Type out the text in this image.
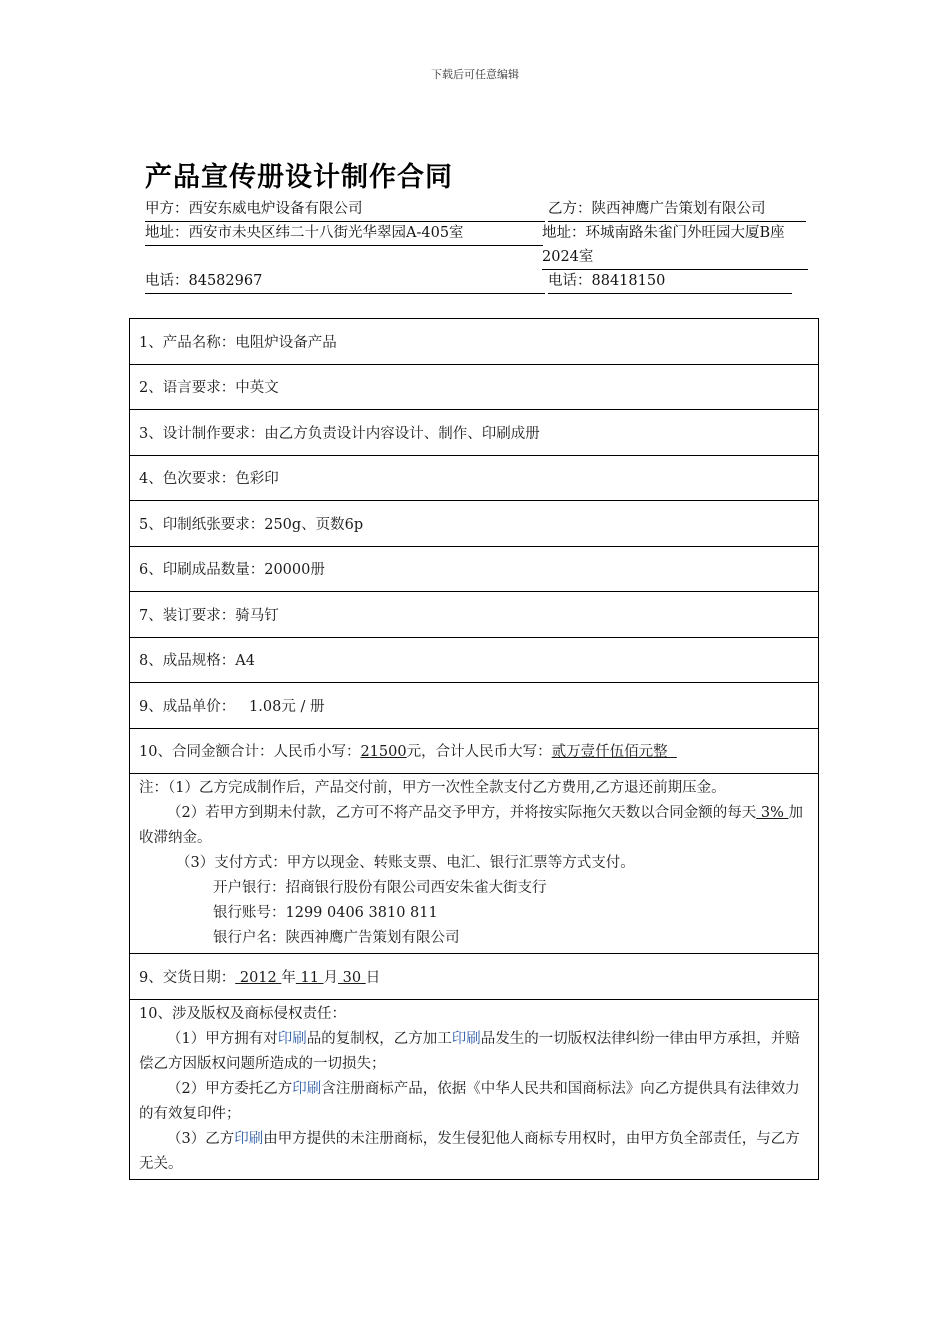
下载后可任意编辑
产品宣传册设计制作合同
甲方：西安东威电炉设备有限公司	乙方：陕西神鹰广告策划有限公司
地址：西安市未央区纬二十八街光华翠园A-405室	地址：环城南路朱雀门外旺园大厦B座2024室
电话：84582967	电话：88418150
1、产品名称：电阻炉设备产品
2、语言要求：中英文
3、设计制作要求：由乙方负责设计内容设计、制作、印刷成册
4、色次要求：色彩印
5、印制纸张要求：250g、页数6p
6、印刷成品数量：20000册
7、装订要求：骑马钉
8、成品规格：A4
9、成品单价：   1.08元 / 册
10、合同金额合计：人民币小写：21500元，合计人民币大写：贰万壹仟伍佰元整

注：（1）乙方完成制作后，产品交付前，甲方一次性全款支付乙方费用,乙方退还前期压金。
（2）若甲方到期未付款，乙方可不将产品交予甲方，并将按实际拖欠天数以合同金额的每天 3% 加收滞纳金。
（3）支付方式：甲方以现金、转账支票、电汇、银行汇票等方式支付。
开户银行：招商银行股份有限公司西安朱雀大街支行
银行账号：1299 0406 3810 811
银行户名：陕西神鹰广告策划有限公司

9、交货日期： 2012 年 11 月 30 日

10、涉及版权及商标侵权责任：
（1）甲方拥有对印刷品的复制权，乙方加工印刷品发生的一切版权法律纠纷一律由甲方承担，并赔偿乙方因版权问题所造成的一切损失；
（2）甲方委托乙方印刷含注册商标产品，依据《中华人民共和国商标法》向乙方提供具有法律效力的有效复印件；
（3）乙方印刷由甲方提供的未注册商标，发生侵犯他人商标专用权时，由甲方负全部责任，与乙方无关。
